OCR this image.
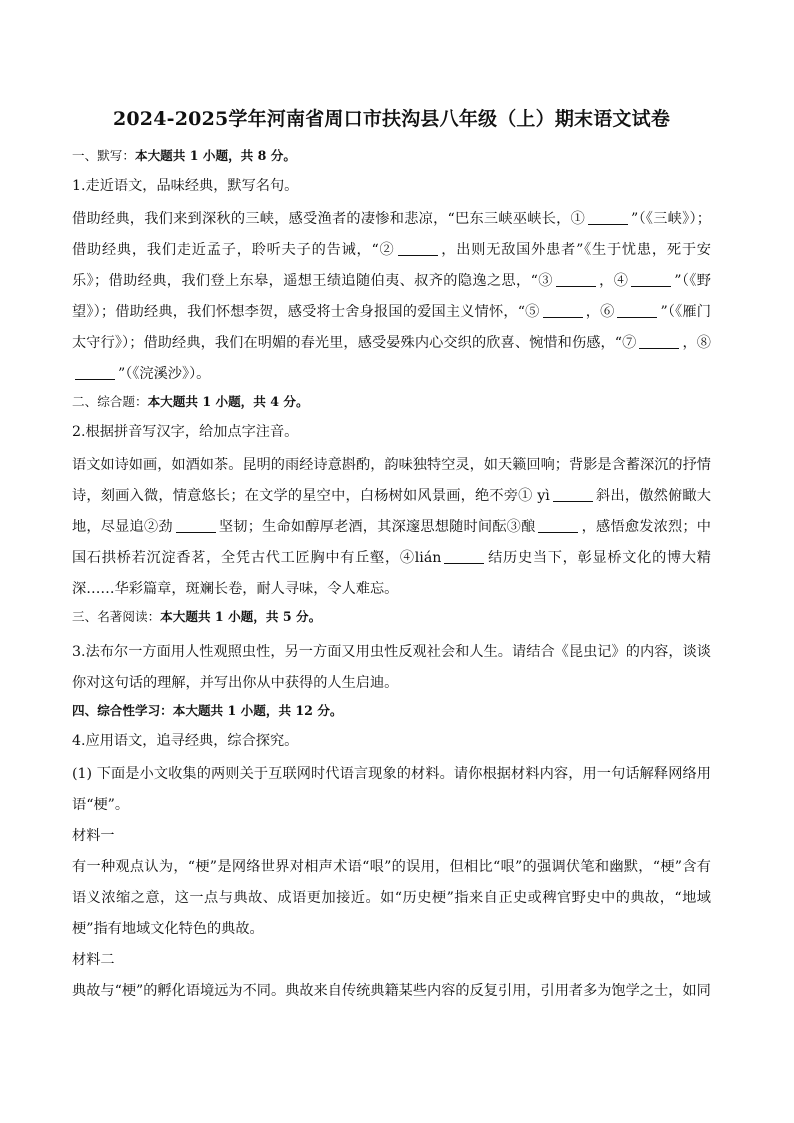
2024-2025学年河南省周口市扶沟县八年级（上）期末语文试卷
一、默写：本大题共 1 小题，共 8 分。
1.走近语文，品味经典，默写名句。

借助经典，我们来到深秋的三峡，感受渔者的凄惨和悲凉，“巴东三峡巫峡长，①	”（《三峡》）；借助经典，我们走近孟子，聆听夫子的告诫，“②	，出则无敌国外患者”《生于忧患，死于安乐》；借助经典，我们登上东皋，遥想王绩追随伯夷、叔齐的隐逸之思，“③	，④	”（《野望》）；借助经典，我们怀想李贺，感受将士舍身报国的爱国主义情怀，“⑤	，⑥	”（《雁门太守行》）；借助经典，我们在明媚的春光里，感受晏殊内心交织的欣喜、惋惜和伤感，“⑦	，⑧”（《浣溪沙》）。

二、综合题：本大题共 1 小题，共 4 分。
2.根据拼音写汉字，给加点字注音。

语文如诗如画，如酒如茶。昆明的雨经诗意斟酌，韵味独特空灵，如天籁回响；背影是含蓄深沉的抒情诗，刻画入微，情意悠长；在文学的星空中，白杨树如风景画，绝不旁① yì	斜出，傲然俯瞰大地，尽显追②劲	坚韧；生命如醇厚老酒，其深邃思想随时间酝③酿	，感悟愈发浓烈；中国石拱桥若沉淀香茗，全凭古代工匠胸中有丘壑，④lián	结历史当下，彰显桥文化的博大精深……华彩篇章，斑斓长卷，耐人寻味，令人难忘。

三、名著阅读：本大题共 1 小题，共 5 分。

3.法布尔一方面用人性观照虫性，另一方面又用虫性反观社会和人生。请结合《昆虫记》的内容，谈谈你对这句话的理解，并写出你从中获得的人生启迪。

四、综合性学习：本大题共 1 小题，共 12 分。
4.应用语文，追寻经典，综合探究。

(1) 下面是小文收集的两则关于互联网时代语言现象的材料。请你根据材料内容，用一句话解释网络用语“梗”。

材料一

有一种观点认为，“梗”是网络世界对相声术语“哏”的误用，但相比“哏”的强调伏笔和幽默，“梗”含有语义浓缩之意，这一点与典故、成语更加接近。如“历史梗”指来自正史或稗官野史中的典故，“地域梗”指有地域文化特色的典故。

材料二

典故与“梗”的孵化语境远为不同。典故来自传统典籍某些内容的反复引用，引用者多为饱学之士，如同
